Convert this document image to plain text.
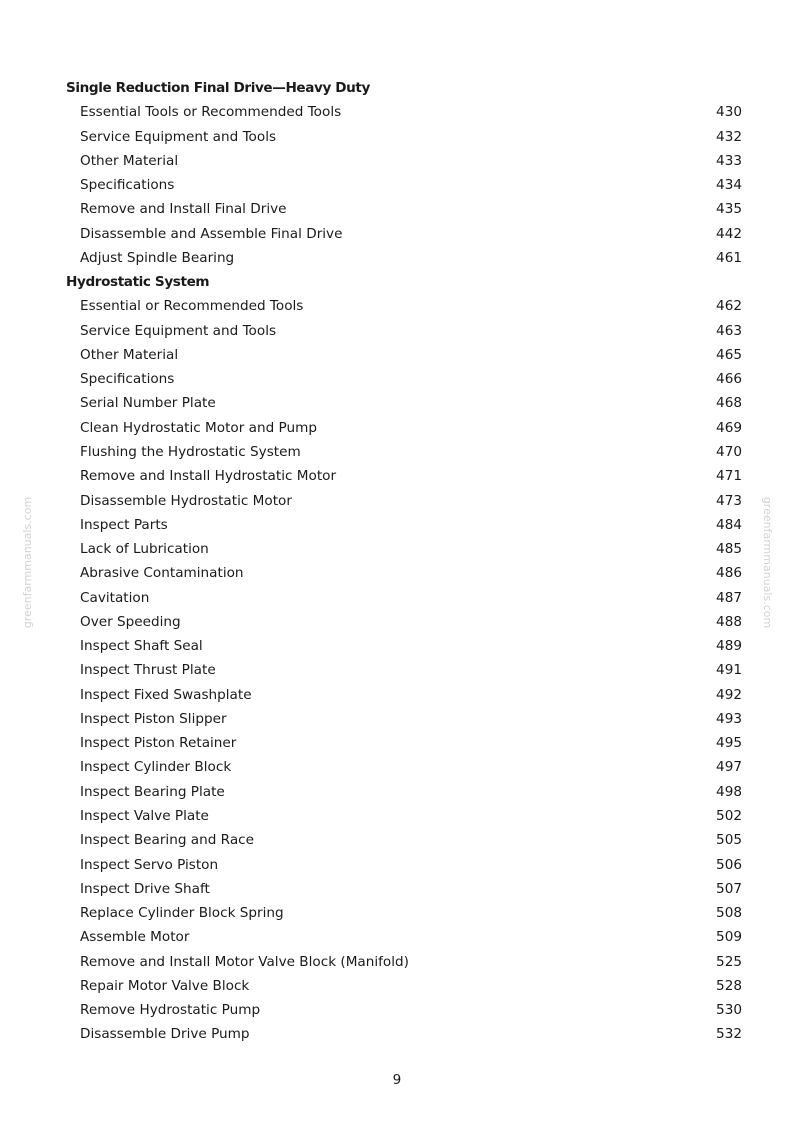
greenfarmmanuals.com	greenfarmmanuals.com
Single Reduction Final Drive—Heavy Duty
Essential Tools or Recommended Tools	430
Service Equipment and Tools	432
Other Material	433
Specifications	434
Remove and Install Final Drive	435
Disassemble and Assemble Final Drive	442
Adjust Spindle Bearing	461
Hydrostatic System
Essential or Recommended Tools	462
Service Equipment and Tools	463
Other Material	465
Specifications	466
Serial Number Plate	468
Clean Hydrostatic Motor and Pump	469
Flushing the Hydrostatic System	470
Remove and Install Hydrostatic Motor	471
Disassemble Hydrostatic Motor	473
Inspect Parts	484
Lack of Lubrication	485
Abrasive Contamination	486
Cavitation	487
Over Speeding	488
Inspect Shaft Seal	489
Inspect Thrust Plate	491
Inspect Fixed Swashplate	492
Inspect Piston Slipper	493
Inspect Piston Retainer	495
Inspect Cylinder Block	497
Inspect Bearing Plate	498
Inspect Valve Plate	502
Inspect Bearing and Race	505
Inspect Servo Piston	506
Inspect Drive Shaft	507
Replace Cylinder Block Spring	508
Assemble Motor	509
Remove and Install Motor Valve Block (Manifold)	525
Repair Motor Valve Block	528
Remove Hydrostatic Pump	530
Disassemble Drive Pump	532
9
